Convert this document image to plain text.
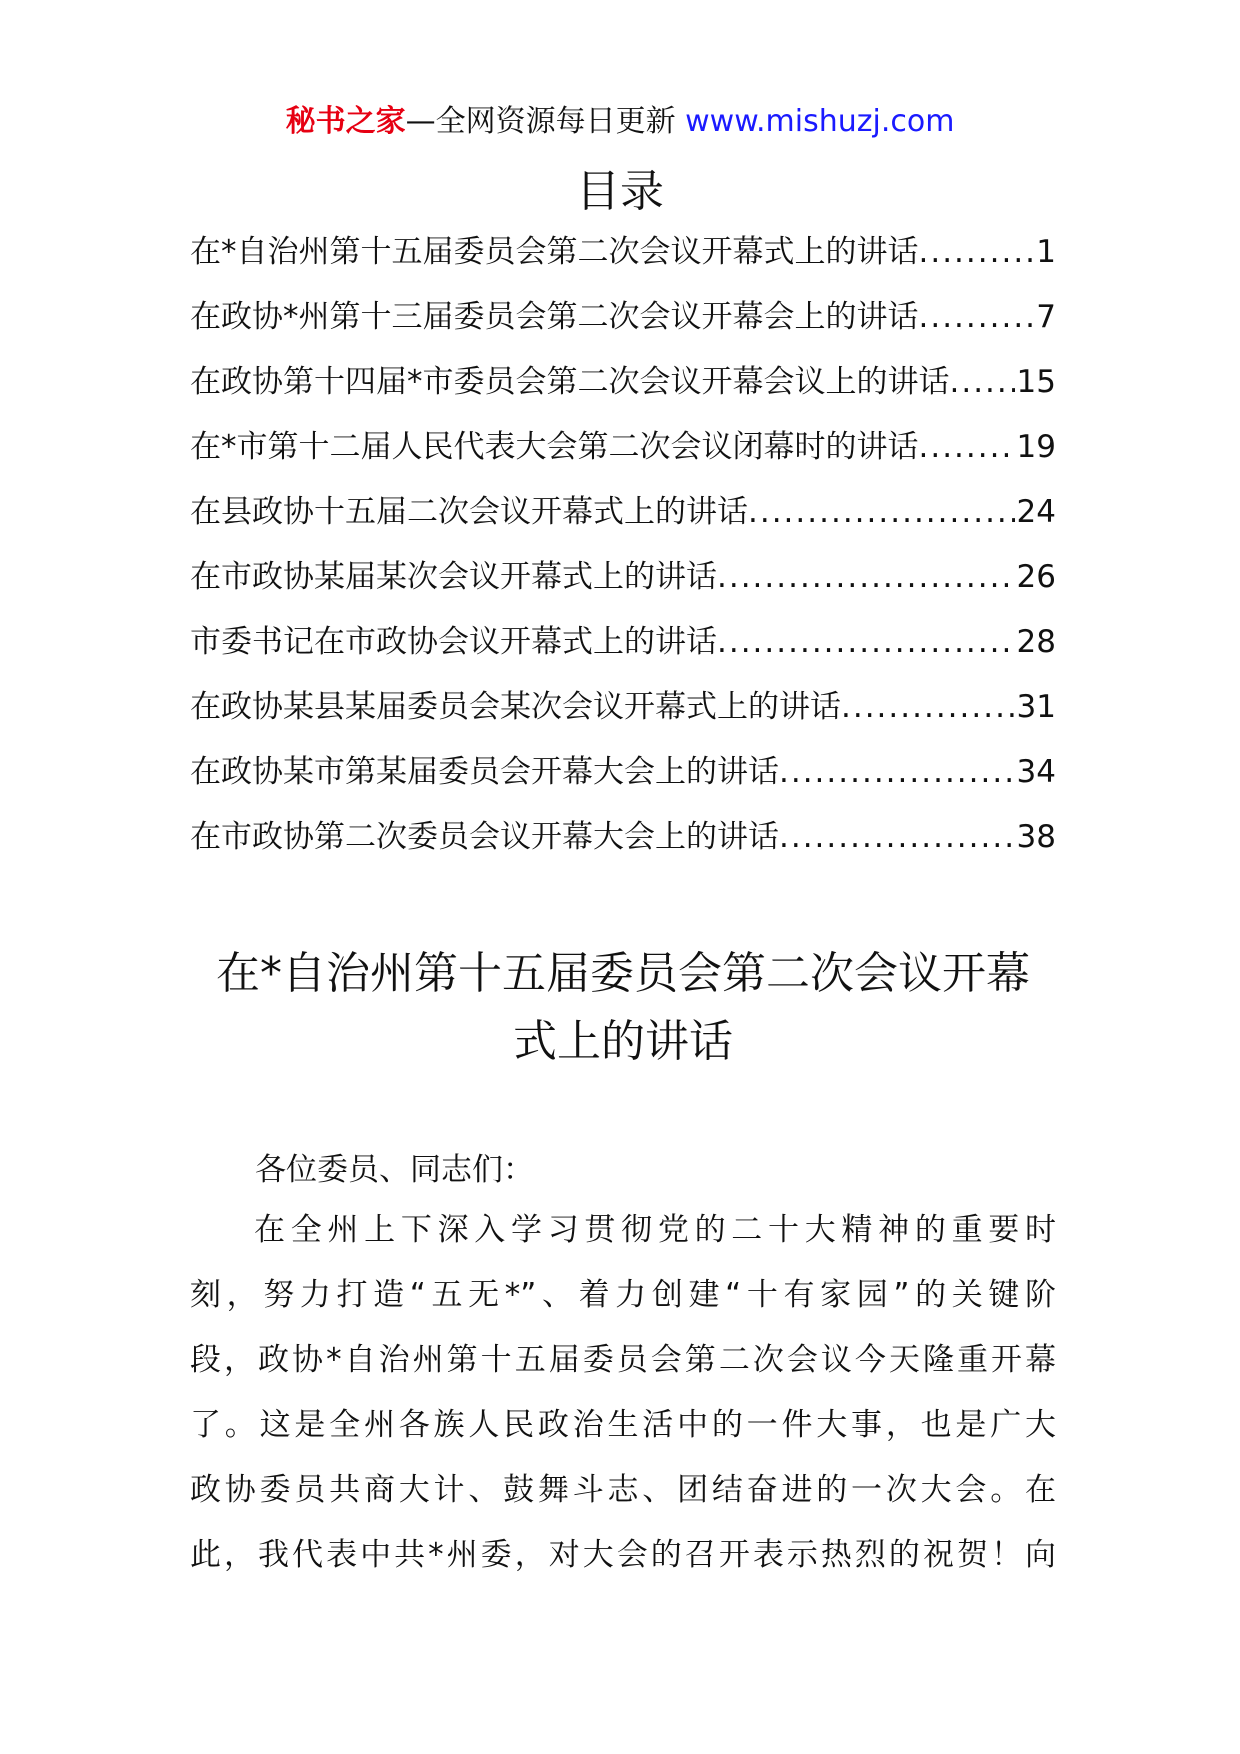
秘书之家—全网资源每日更新 www.mishuzj.com
目录
在*自治州第十五届委员会第二次会议开幕式上的讲话 .....	1
在政协*州第十三届委员会第二次会议开幕会上的讲话 .....	7
在政协第十四届*市委员会第二次会议开幕会议上的讲话 ..... 15
在*市第十二届人民代表大会第二次会议闭幕时的讲话 .....	19
在县政协十五届二次会议开幕式上的讲话 .....	24
在市政协某届某次会议开幕式上的讲话 .....	26
市委书记在市政协会议开幕式上的讲话 .....	28
在政协某县某届委员会某次会议开幕式上的讲话 .....	31
在政协某市第某届委员会开幕大会上的讲话 .....	34
在市政协第二次委员会议开幕大会上的讲话 .....	38
在*自治州第十五届委员会第二次会议开幕
式上的讲话

各位委员、同志们：

在全州上下深入学习贯彻党的二十大精神的重要时
刻，努力打造“五无*”、着力创建“十有家园”的关键阶
段，政协*自治州第十五届委员会第二次会议今天隆重开幕
了。这是全州各族人民政治生活中的一件大事，也是广大
政协委员共商大计、鼓舞斗志、团结奋进的一次大会。在
此，我代表中共*州委，对大会的召开表示热烈的祝贺！向
